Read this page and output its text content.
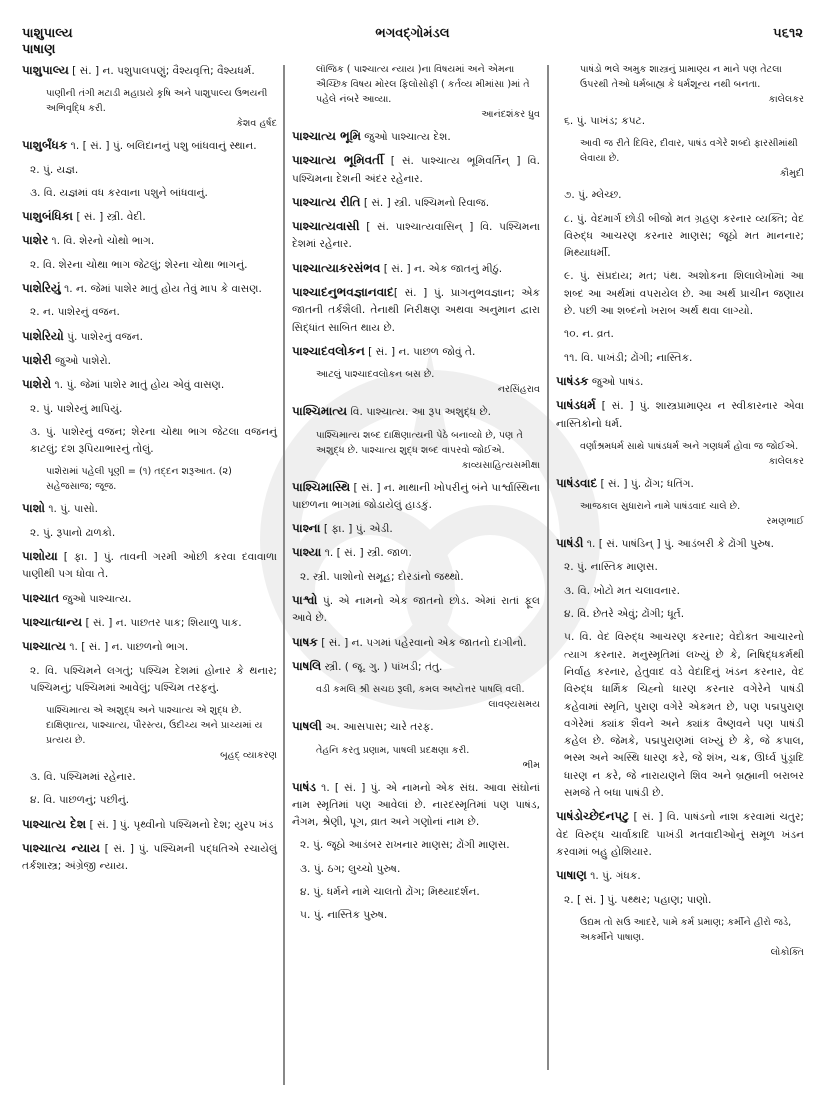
પાશુપાલ્ય
પાષાણ
ભગવદ્ગોમંડલ	૫૬૧૨
પાશુપાલ્ય [ સં. ] ન. પશુપાલપણું; વૈશ્યવૃત્તિ; વૈશ્યધર્મ.
પાણીની તંગી મટાડી મહાપ્રયે કૃષિ અને પાશુપાલ્ય ઉભયની અભિવૃદ્ધિ કરી.
કેશવ હર્ષદ
પાશુર્બંધક ૧. [ સં. ] પું. બલિદાનનું પશુ બાંધવાનું સ્થાન.
૨. પું. યજ્ઞ.
૩. વિ. યજ્ઞમાં વધ કરવાના પશુને બાંધવાનું.
પાશુબંધિકા [ સં. ] સ્ત્રી. વેદી.
પાશેર ૧. વિ. શેરનો ચોથો ભાગ.
૨. વિ. શેરના ચોથા ભાગ જેટલું; શેરના ચોથા ભાગનું.
પાશેરિયું ૧. ન. જેમાં પાશેર માતું હોય તેવું માપ કે વાસણ.
૨. ન. પાશેરનું વજન.
પાશેરિયો પું. પાશેરનું વજન.
પાશેરી જુઓ પાશેરો.
પાશેરો ૧. પું. જેમાં પાશેર માતું હોય એવું વાસણ.
૨. પું. પાશેરનું માપિયું.
૩. પું. પાશેરનું વજન; શેરના ચોથા ભાગ જેટલા વજનનું કાટલું; દશ રૂપિયાભારનું તોલું.
પાશેરામાં પહેલી પૂણી = (૧) તદ્દન શરૂઆત. (૨) સહેજસાજ; જૂજ.
પાશો ૧. પું. પાસો.
૨. પું. રૂપાનો ઢાળકો.
પાશોયા [ ફા. ] પું. તાવની ગરમી ઓછી કરવા દવાવાળા પાણીથી પગ ધોવા તે.
પાશ્ચાત જુઓ પાશ્ચાત્ય.
પાશ્ચાત્ધાન્ય [ સં. ] ન. પાછતર પાક; શિયાળુ પાક.
પાશ્ચાત્ય ૧. [ સં. ] ન. પાછળનો ભાગ.
૨. વિ. પશ્ચિમને લગતું; પશ્ચિમ દેશમાં હોનાર કે થનાર; પશ્ચિમનું; પશ્ચિમમાં આવેલું; પશ્ચિમ તરફનું.
પાશ્ચિમાત્ય એ અશુદ્ધ અને પાશ્ચાત્ય એ શુદ્ધ છે. દાક્ષિણાત્ય, પાશ્ચાત્ય, પૌરસ્ત્ય, ઉદીચ્ય અને પ્રાચ્યમાં ય પ્રત્યય છે.
બૃહદ્ વ્યાકરણ
૩. વિ. પશ્ચિમમાં રહેનાર.
૪. વિ. પાછળનું; પછીનું.
પાશ્ચાત્ય દેશ [ સં. ] પું. પૃથ્વીનો પશ્ચિમનો દેશ; યુરપ ખંડ
પાશ્ચાત્ય ન્યાય [ સં. ] પું. પશ્ચિમની પદ્ધતિએ રચાયેલું તર્કશાસ્ત્ર; અંગ્રેજી ન્યાય.
લૉજિક ( પાશ્ચાત્ય ન્યાય )ના વિષયમાં અને એમના ઐચ્છિક વિષય મોરલ ફિલોસોફી ( કર્તવ્ય મીમાંસા )માં તે પહેલે નંબરે આવ્યા.
આનંદશંકર ધ્રુવ
પાશ્ચાત્ય ભૂમિ જુઓ પાશ્ચાત્ય દેશ.
પાશ્ચાત્ય ભૂમિવર્તી [ સં. પાશ્ચાત્ય ભૂમિવર્તિન્ ] વિ. પશ્ચિમના દેશની અંદર રહેનાર.
પાશ્ચાત્ય રીતિ [ સં. ] સ્ત્રી. પશ્ચિમનો રિવાજ.
પાશ્ચાત્યવાસી [ સં. પાશ્ચાત્યવાસિન્ ] વિ. પશ્ચિમના દેશમાં રહેનાર.
પાશ્ચાત્યાકરસંભવ [ સં. ] ન. એક જાતનું મીઠું.
પાશ્ચાદનુભવજ્ઞાનવાદ[ સં. ] પું. પ્રાગનુભવજ્ઞાન; એક જાતની તર્કશૈલી. તેનાથી નિરીક્ષણ અથવા અનુમાન દ્વારા સિદ્ધાંત સાબિત થાય છે.
પાશ્ચાદવલોકન [ સં. ] ન. પાછળ જોવું તે.
આટલું પાશ્ચાદવલોકન બસ છે.
નરસિંહરાવ
પાશ્ચિમાત્ય વિ. પાશ્ચાત્ય. આ રૂપ અશુદ્ધ છે.
પાશ્ચિમાત્ય શબ્દ દાક્ષિણાત્યની પેઠે બનાવ્યો છે, પણ તે અશુદ્ધ છે. પાશ્ચાત્ય શુદ્ધ શબ્દ વાપરવો જોઈએ.
કાવ્યસાહિત્યસમીક્ષા
પાશ્ચિમાસ્થિ [ સં. ] ન. માથાની ખોપરીનું બંને પાર્શ્વાસ્થિના પાછળના ભાગમાં જોડાયેલું હાડકું.
પાશ્ના [ ફા. ] પું. એડી.
પાશ્યા ૧. [ સં. ] સ્ત્રી. જાળ.
૨. સ્ત્રી. પાશોનો સમૂહ; દોરડાંનો જથ્થો.
પાશ્વો પું. એ નામનો એક જાતનો છોડ. એમાં રાતાં ફૂલ આવે છે.
પાષક [ સં. ] ન. પગમાં પહેરવાનો એક જાતનો દાગીનો.
પાષલિ સ્ત્રી. ( જૂ. ગુ. ) પાંખડી; તંતુ.
વડી કમલિ શ્રી સચઇ રૂલી, કમલ અષ્ટોત્તર પાષલિ વલી.
લાવણ્યસમય
પાષલી અ. આસપાસ; ચારે તરફ.
તેહનિ કરતુ પ્રણામ, પાષલી પ્રદક્ષણા કરી.
ભીમ
પાષંડ ૧. [ સં. ] પું. એ નામનો એક સંઘ. આવા સંઘોનાં નામ સ્મૃતિમાં પણ આવેલાં છે. નારદસ્મૃતિમાં પણ પાષંડ, નૈગમ, શ્રેણી, પૂગ, વ્રાત અને ગણોનાં નામ છે.
૨. પું. જૂઠો આડંબર રાખનાર માણસ; ઢોંગી માણસ.
૩. પું. ઠગ; લુચ્ચો પુરુષ.
૪. પું. ધર્મને નામે ચાલતો ઢોંગ; મિથ્યાદર્શન.
૫. પું. નાસ્તિક પુરુષ.
પાષંડો ભલે અમુક શાસ્ત્રનું પ્રામાણ્ય ન માને પણ તેટલા ઉપરથી તેઓ ધર્મબાહ્ય કે ધર્મશૂન્ય નથી બનતા.
કાલેલકર
૬. પું. પાખંડ; કપટ.
આવી જ રીતે દિવિર, દીવાર, પાષંડ વગેરે શબ્દો ફારસીમાંથી લેવાયા છે.
કૌમુદી
૭. પું. મ્લેચ્છ.
૮. પું. વેદમાર્ગ છોડી બીજો મત ગ્રહણ કરનાર વ્યક્તિ; વેદ વિરુદ્ધ આચરણ કરનાર માણસ; જૂઠો મત માનનાર; મિથ્યાધર્મી.
૯. પું. સંપ્રદાય; મત; પંથ. અશોકના શિલાલેખોમાં આ શબ્દ આ અર્થમાં વપરાયેલ છે. આ અર્થ પ્રાચીન જણાય છે. પછી આ શબ્દનો ખરાબ અર્થ થવા લાગ્યો.
૧૦. ન. વ્રત.
૧૧. વિ. પાખંડી; ઢોંગી; નાસ્તિક.
પાષંડક જુઓ પાષંડ.
પાષંડધર્મ [ સં. ] પું. શાસ્ત્રપ્રામાણ્ય ન સ્વીકારનાર એવા નાસ્તિકોનો ધર્મ.
વર્ણાશ્રમધર્મ સાથે પાષંડધર્મ અને ગણધર્મ હોવા જ જોઈએ.
કાલેલકર
પાષંડવાદ [ સં. ] પું. ઢોંગ; ધતિંગ.
આજકાલ સુધારાને નામે પાષંડવાદ ચાલે છે.
રમણભાઈ
પાષંડી ૧. [ સં. પાષંડિન્ ] પું. આડંબરી કે ઢોંગી પુરુષ.
૨. પું. નાસ્તિક માણસ.
૩. વિ. ખોટો મત ચલાવનાર.
૪. વિ. છેતરે એવું; ઢોંગી; ધૂર્ત.
૫. વિ. વેદ વિરુદ્ધ આચરણ કરનાર; વેદોક્ત આચારનો ત્યાગ કરનાર. મનુસ્મૃતિમાં લખ્યું છે કે, નિષિદ્ધકર્મથી નિર્વાહ કરનાર, હેતુવાદ વડે વેદાદિનું ખંડન કરનાર, વેદ વિરુદ્ધ ધાર્મિક ચિહ્નો ધારણ કરનાર વગેરેને પાષંડી કહેવામાં સ્મૃતિ, પુરાણ વગેરે એકમત છે, પણ પદ્મપુરાણ વગેરેમાં ક્યાંક શૈવને અને ક્યાંક વૈષ્ણવને પણ પાષંડી કહેલ છે. જેમકે, પદ્મપુરાણમાં લખ્યું છે કે, જે કપાલ, ભસ્મ અને અસ્થિ ધારણ કરે, જે શંખ, ચક્ર, ઊર્ધ્વ પુંડ્રાદિ ધારણ ન કરે, જે નારાયણને શિવ અને બ્રહ્માની બરાબર સમજે તે બધા પાષંડી છે.
પાષંડોચ્છેદનપટુ [ સં. ] વિ. પાષંડનો નાશ કરવામાં ચતુર; વેદ વિરુદ્ધ ચાર્વાકાદિ પાખંડી મતવાદીઓનું સમૂળ ખંડન કરવામાં બહુ હોશિયાર.
પાષાણ ૧. પું. ગંધક.
૨. [ સં. ] પું. પથ્થર; પહાણ; પાણો.
ઉદ્યમ તો સઉ આદરે, પામે કર્મ પ્રમાણ; કર્મીને હીરો જડે, અકર્મીને પાષાણ.
લોકોક્તિ
